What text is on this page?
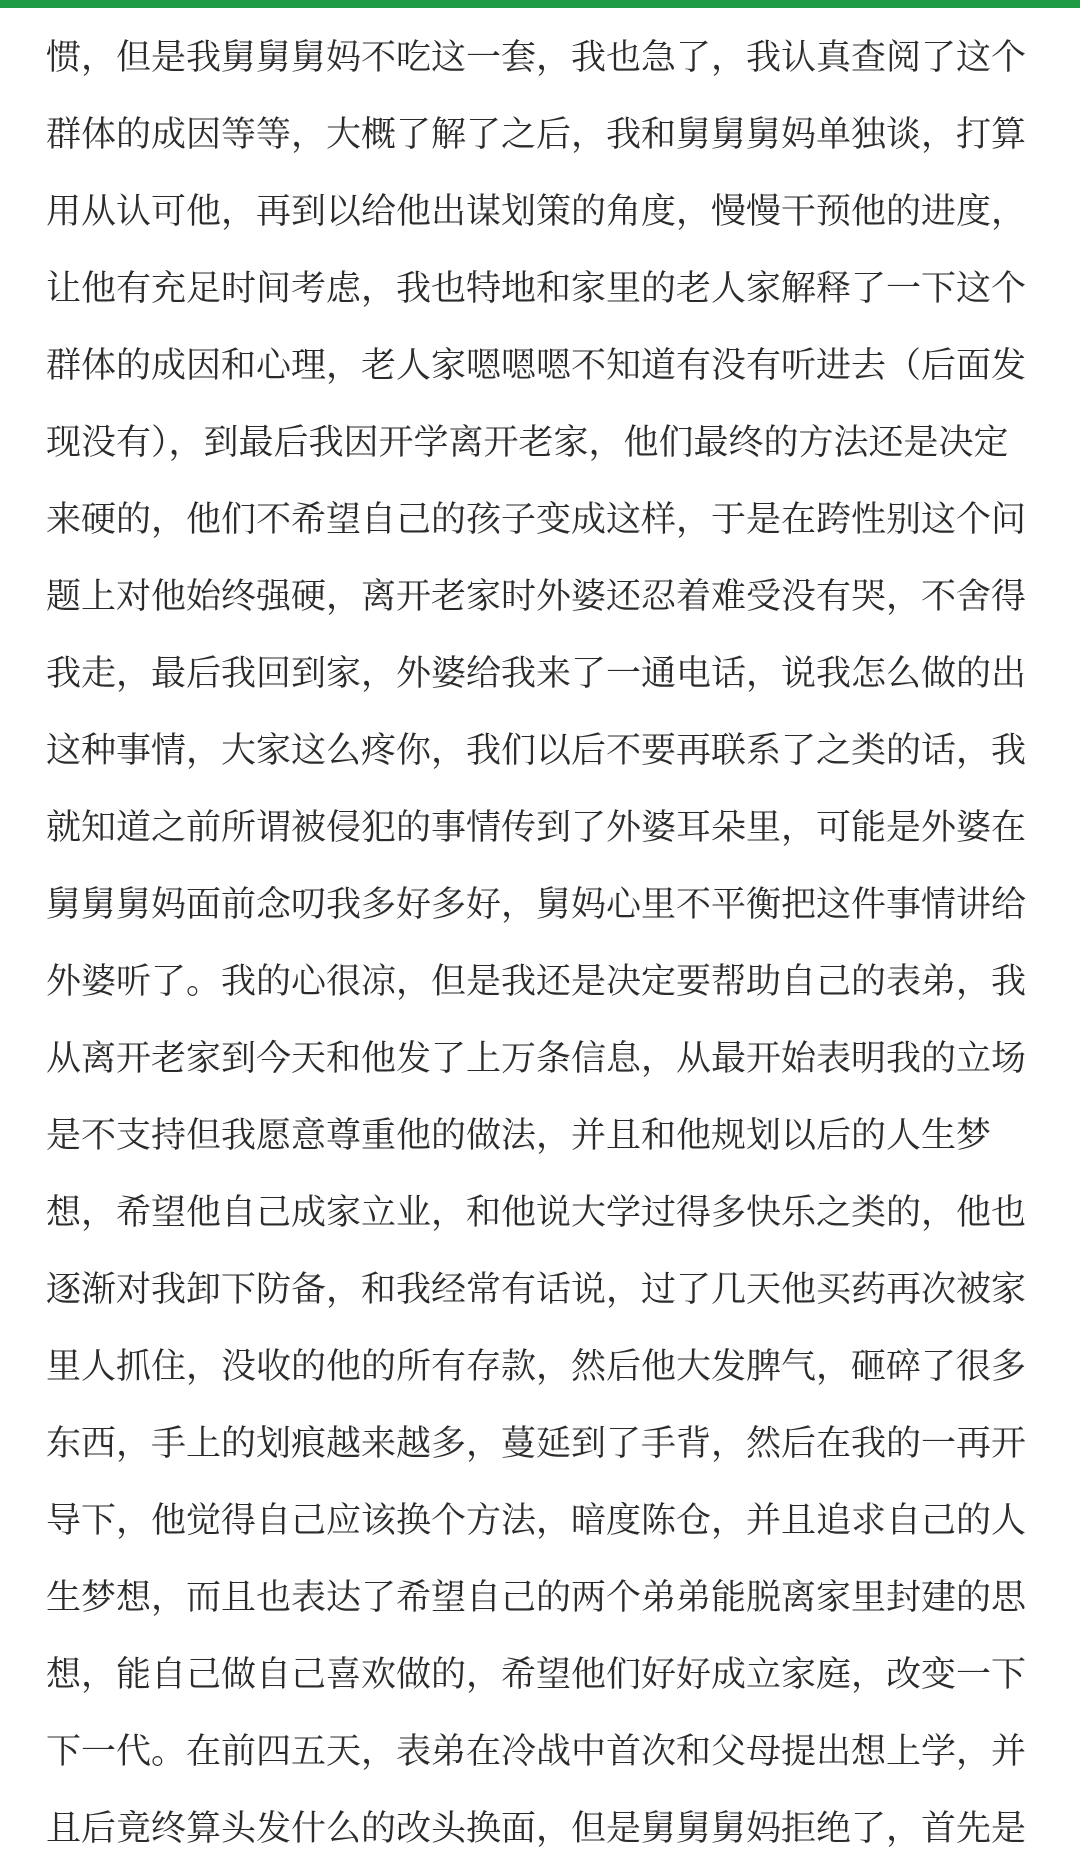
惯，但是我舅舅舅妈不吃这一套，我也急了，我认真查阅了这个
群体的成因等等，大概了解了之后，我和舅舅舅妈单独谈，打算
用从认可他，再到以给他出谋划策的角度，慢慢干预他的进度，
让他有充足时间考虑，我也特地和家里的老人家解释了一下这个
群体的成因和心理，老人家嗯嗯嗯不知道有没有听进去（后面发
现没有），到最后我因开学离开老家，他们最终的方法还是决定
来硬的，他们不希望自己的孩子变成这样，于是在跨性别这个问
题上对他始终强硬，离开老家时外婆还忍着难受没有哭，不舍得
我走，最后我回到家，外婆给我来了一通电话，说我怎么做的出
这种事情，大家这么疼你，我们以后不要再联系了之类的话，我
就知道之前所谓被侵犯的事情传到了外婆耳朵里，可能是外婆在
舅舅舅妈面前念叨我多好多好，舅妈心里不平衡把这件事情讲给
外婆听了。我的心很凉，但是我还是决定要帮助自己的表弟，我
从离开老家到今天和他发了上万条信息，从最开始表明我的立场
是不支持但我愿意尊重他的做法，并且和他规划以后的人生梦
想，希望他自己成家立业，和他说大学过得多快乐之类的，他也
逐渐对我卸下防备，和我经常有话说，过了几天他买药再次被家
里人抓住，没收的他的所有存款，然后他大发脾气，砸碎了很多
东西，手上的划痕越来越多，蔓延到了手背，然后在我的一再开
导下，他觉得自己应该换个方法，暗度陈仓，并且追求自己的人
生梦想，而且也表达了希望自己的两个弟弟能脱离家里封建的思
想，能自己做自己喜欢做的，希望他们好好成立家庭，改变一下
下一代。在前四五天，表弟在冷战中首次和父母提出想上学，并
且后竟终算头发什么的改头换面，但是舅舅舅妈拒绝了，首先是
